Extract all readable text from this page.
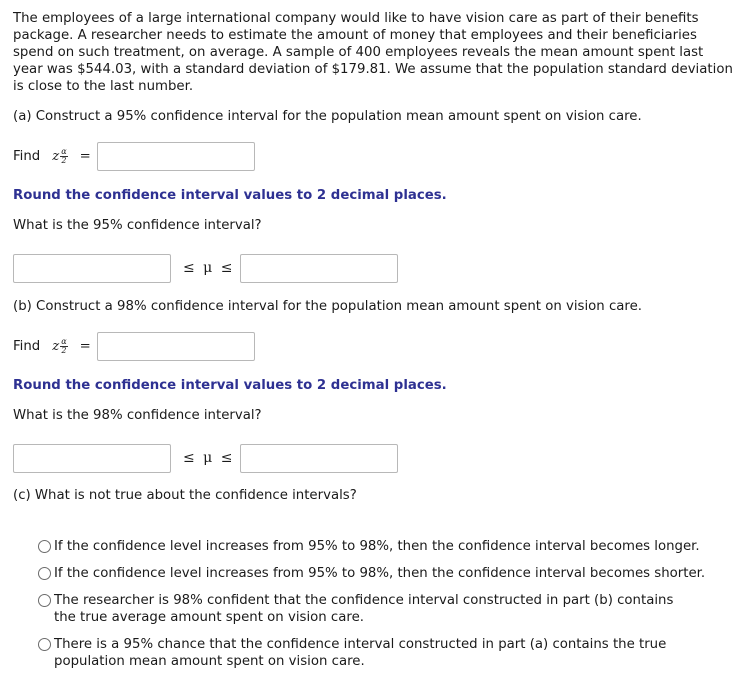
The employees of a large international company would like to have vision care as part of their benefits package. A researcher needs to estimate the amount of money that employees and their beneficiaries spend on such treatment, on average. A sample of 400 employees reveals the mean amount spent last year was $544.03, with a standard deviation of $179.81. We assume that the population standard deviation is close to the last number.
(a) Construct a 95% confidence interval for the population mean amount spent on vision care.
Find z $\frac{\alpha}{2}$ =
Round the confidence interval values to 2 decimal places.
What is the 95% confidence interval?
≤ μ ≤
(b) Construct a 98% confidence interval for the population mean amount spent on vision care.
Find z $\frac{\alpha}{2}$ =
Round the confidence interval values to 2 decimal places.
What is the 98% confidence interval?
≤ μ ≤
(c) What is not true about the confidence intervals?
If the confidence level increases from 95% to 98%, then the confidence interval becomes longer.
If the confidence level increases from 95% to 98%, then the confidence interval becomes shorter.
The researcher is 98% confident that the confidence interval constructed in part (b) contains the true average amount spent on vision care.
There is a 95% chance that the confidence interval constructed in part (a) contains the true population mean amount spent on vision care.
